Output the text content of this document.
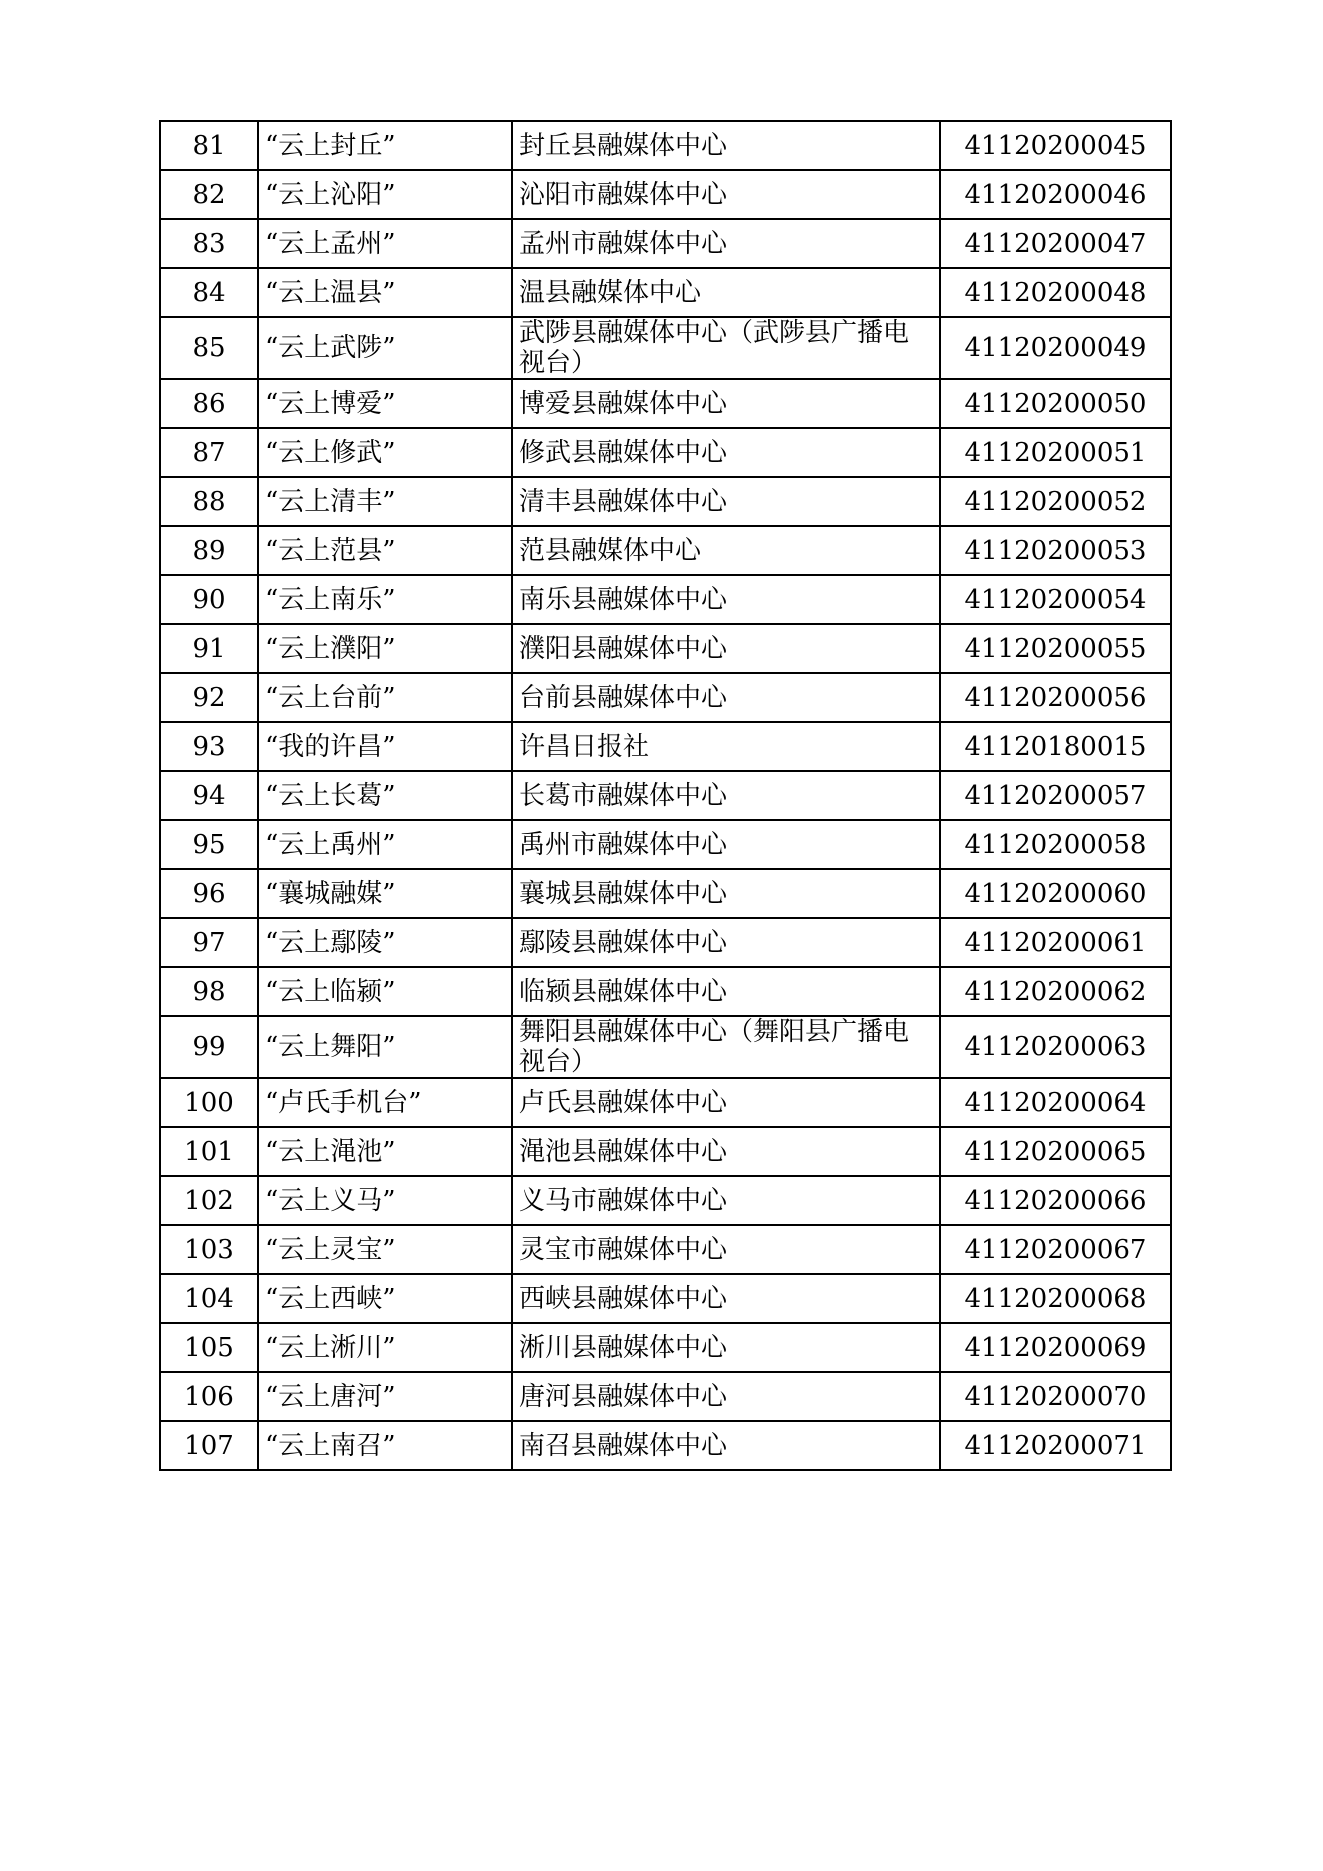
81	“云上封丘”	封丘县融媒体中心	41120200045
82	“云上沁阳”	沁阳市融媒体中心	41120200046
83	“云上孟州”	孟州市融媒体中心	41120200047
84	“云上温县”	温县融媒体中心	41120200048
85	“云上武陟”	武陟县融媒体中心（武陟县广播电视台）	41120200049
86	“云上博爱”	博爱县融媒体中心	41120200050
87	“云上修武”	修武县融媒体中心	41120200051
88	“云上清丰”	清丰县融媒体中心	41120200052
89	“云上范县”	范县融媒体中心	41120200053
90	“云上南乐”	南乐县融媒体中心	41120200054
91	“云上濮阳”	濮阳县融媒体中心	41120200055
92	“云上台前”	台前县融媒体中心	41120200056
93	“我的许昌”	许昌日报社	41120180015
94	“云上长葛”	长葛市融媒体中心	41120200057
95	“云上禹州”	禹州市融媒体中心	41120200058
96	“襄城融媒”	襄城县融媒体中心	41120200060
97	“云上鄢陵”	鄢陵县融媒体中心	41120200061
98	“云上临颍”	临颍县融媒体中心	41120200062
99	“云上舞阳”	舞阳县融媒体中心（舞阳县广播电视台）	41120200063
100	“卢氏手机台”	卢氏县融媒体中心	41120200064
101	“云上渑池”	渑池县融媒体中心	41120200065
102	“云上义马”	义马市融媒体中心	41120200066
103	“云上灵宝”	灵宝市融媒体中心	41120200067
104	“云上西峡”	西峡县融媒体中心	41120200068
105	“云上淅川”	淅川县融媒体中心	41120200069
106	“云上唐河”	唐河县融媒体中心	41120200070
107	“云上南召”	南召县融媒体中心	41120200071
